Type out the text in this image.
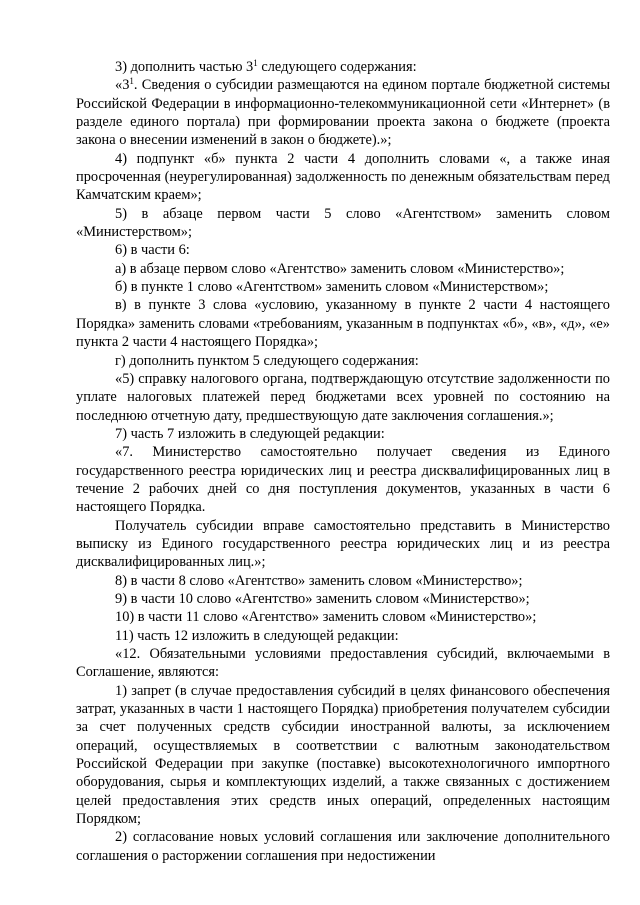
3) дополнить частью $3^1$ следующего содержания:

«$3^1$. Сведения о субсидии размещаются на едином портале бюджетной системы Российской Федерации в информационно-телекоммуникационной сети «Интернет» (в разделе единого портала) при формировании проекта закона о бюджете (проекта закона о внесении изменений в закон о бюджете).»;

4) подпункт «б» пункта 2 части 4 дополнить словами «, а также иная просроченная (неурегулированная) задолженность по денежным обязательствам перед Камчатским краем»;

5) в абзаце первом части 5 слово «Агентством» заменить словом «Министерством»;

6) в части 6:

а) в абзаце первом слово «Агентство» заменить словом «Министерство»;

б) в пункте 1 слово «Агентством» заменить словом «Министерством»;

в) в пункте 3 слова «условию, указанному в пункте 2 части 4 настоящего Порядка» заменить словами «требованиям, указанным в подпунктах «б», «в», «д», «е» пункта 2 части 4 настоящего Порядка»;

г) дополнить пунктом 5 следующего содержания:

«5) справку налогового органа, подтверждающую отсутствие задолженности по уплате налоговых платежей перед бюджетами всех уровней по состоянию на последнюю отчетную дату, предшествующую дате заключения соглашения.»;

7) часть 7 изложить в следующей редакции:

«7. Министерство самостоятельно получает сведения из Единого государственного реестра юридических лиц и реестра дисквалифицированных лиц в течение 2 рабочих дней со дня поступления документов, указанных в части 6 настоящего Порядка.

Получатель субсидии вправе самостоятельно представить в Министерство выписку из Единого государственного реестра юридических лиц и из реестра дисквалифицированных лиц.»;

8) в части 8 слово «Агентство» заменить словом «Министерство»;

9) в части 10 слово «Агентство» заменить словом «Министерство»;

10) в части 11 слово «Агентство» заменить словом «Министерство»;

11) часть 12 изложить в следующей редакции:

«12. Обязательными условиями предоставления субсидий, включаемыми в Соглашение, являются:

1) запрет (в случае предоставления субсидий в целях финансового обеспечения затрат, указанных в части 1 настоящего Порядка) приобретения получателем субсидии за счет полученных средств субсидии иностранной валюты, за исключением операций, осуществляемых в соответствии с валютным законодательством Российской Федерации при закупке (поставке) высокотехнологичного импортного оборудования, сырья и комплектующих изделий, а также связанных с достижением целей предоставления этих средств иных операций, определенных настоящим Порядком;

2) согласование новых условий соглашения или заключение дополнительного соглашения о расторжении соглашения при недостижении
